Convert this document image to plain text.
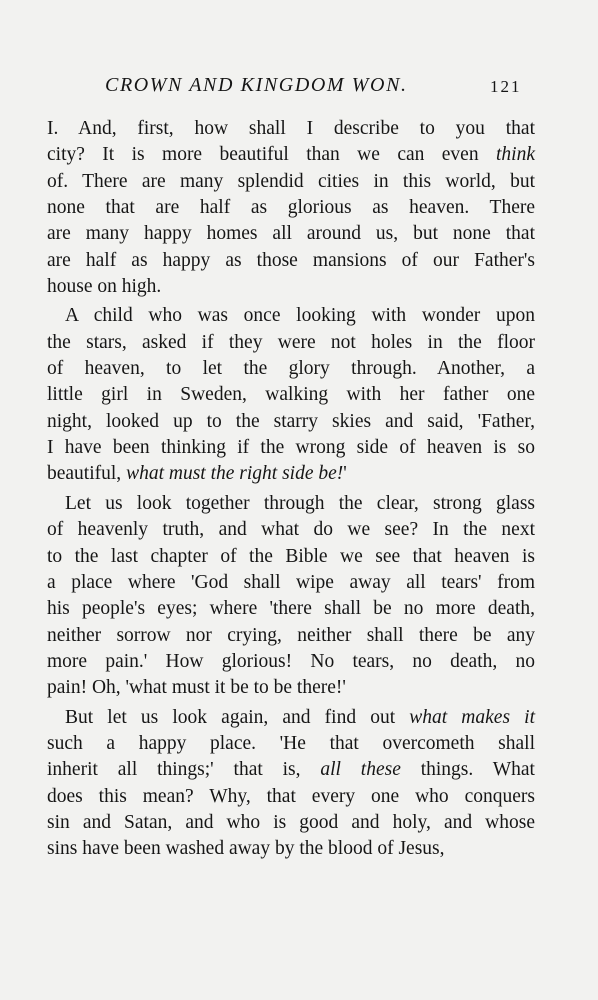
CROWN AND KINGDOM WON.	121
I. And, first, how shall I describe to you that
city? It is more beautiful than we can even think
of. There are many splendid cities in this world, but
none that are half as glorious as heaven. There
are many happy homes all around us, but none that
are half as happy as those mansions of our Father's
house on high.
A child who was once looking with wonder upon
the stars, asked if they were not holes in the floor
of heaven, to let the glory through. Another, a
little girl in Sweden, walking with her father one
night, looked up to the starry skies and said, 'Father,
I have been thinking if the wrong side of heaven is so
beautiful, what must the right side be!'
Let us look together through the clear, strong glass
of heavenly truth, and what do we see? In the next
to the last chapter of the Bible we see that heaven is
a place where 'God shall wipe away all tears' from
his people's eyes; where 'there shall be no more death,
neither sorrow nor crying, neither shall there be any
more pain.' How glorious! No tears, no death, no
pain! Oh, 'what must it be to be there!'
But let us look again, and find out what makes it
such a happy place. 'He that overcometh shall
inherit all things;' that is, all these things. What
does this mean? Why, that every one who conquers
sin and Satan, and who is good and holy, and whose
sins have been washed away by the blood of Jesus,
